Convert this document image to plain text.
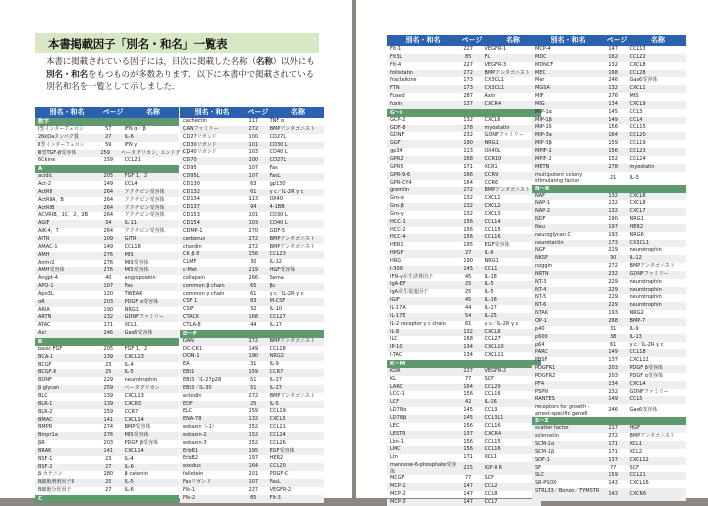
本書掲載因子「別名・和名」一覧表
本書に掲載されている因子には，目次に掲載した名称（名称）以外にも別名・和名をもつものが多数あります．以下に本書中で掲載されている別名和名を一覧として示しました．
別名・和名	ページ	名称
数字
Ⅰ型インターフェロン	57	IFN α／β
26kDaタンパク質	27	IL-6
Ⅱ型インターフェロン	59	IFN γ
Ⅲ型TGF-β受容体	259	ベータグリカン，エンドグリン
6Ckine	159	CCL21
A
acidic	205	FGF 1，2
Act-2	149	CCL4
ActRⅡ	264	アクチビン受容体
ActRⅡA，B	264	アクチビン受容体
ActRⅠB	264	アクチビン受容体
ACVRⅠB，1C，2，2B	264	アクチビン受容体
AGIF	34	IL-11
AIK-4，7	264	アクチビン受容体
AITR	109	GITR
AMAC-1	149	CCL18
AMH	276	MIS
Amhr2	276	MIS受容体
AMH受容体	276	MIS受容体
Angpt-4	40	angiopoietin
APO-1	107	Fas
Apo3L	120	TWEAK
αR	203	PDGF α受容体
ARIA	190	NRG1
ARTN	232	GDNFファミリー
ATAC	171	XCL1
Axl	246	Gas6受容体
B
basic FGF	205	FGF 1，2
BCA-1	139	CXCL13
BCGF	23	IL-4
BCGF-Ⅱ	25	IL-5
BDNF	229	neurotrophin
β glycan	259	ベータグリカン
BLC	139	CXCL13
BLR-1	139	CXCR5
BLR-2	159	CCR7
BMAC	141	CXCL14
BMPR	274	BMP受容体
Bmpr1a	276	MIS受容体
βR	203	PDGF β受容体
BRAK	141	CXCL14
BSF-1	23	IL-4
BSF-2	27	IL-6
β カテニン	280	β catenin
B細胞増殖因子Ⅱ	25	IL-5
B細胞分化因子	27	IL-6
C
別名・和名	ページ	名称
cachectin	117	TNF α
CANファミリー	272	BMPアンタゴニスト
CD27リガンド	100	CD27L
CD30リガンド	101	CD30 L
CD40リガンド	103	CD40 L
CD70	100	CD27L
CD95	107	Fas
CD95L	107	FasL
CD130	63	gp130
CD132	61	γ c／IL-2R γ c
CD134	113	OX40
CD137	94	4-1BB
CD153	101	CD30 L
CD154	103	CD40 L
CDMP-1	270	GDF-5
cerberus	272	BMPアンタゴニスト
chordin	272	BMPアンタゴニスト
CK β 8	156	CCL23
CLMF	30	IL-12
c-Met	219	HGF受容体
collapsin	266	Sema
common β chain	65	βc
common γ chain	61	γ c／IL-2R γ c
CSF 1	83	M-CSF
CSIF	32	IL-10
CTACK	168	CCL27
CTLA-8	44	IL-17
D～F
DAN	272	BMPアンタゴニスト
DC-CK1	149	CCL18
DON-1	190	NRG2
EA	31	IL-9
EBI1	159	CCR7
EBI3／IL-27p28	51	IL-27
EBI3／IL-30	51	IL-27
ectodin	272	BMPアンタゴニスト
EDF	25	IL-5
ELC	159	CCL19
ENA-78	132	CXCL5
eotaxin（-1）	152	CCL11
eotaxin-2	152	CCL24
eotaxin-3	152	CCL26
ErbB1	195	EGF受容体
ErbB2	197	HER2
exodus	164	CCL20
fallotein	201	PDGF-C
Fasリガンド	107	FasL
Flk-1	227	VEGFR-2
Flk-2	85	Flt-3
別名・和名	ページ	名称
Flt-1	227	VEGFR-1
Flt3L	85	FL
Flt-4	227	VEGFR-3
follistatin	272	BMPアンタゴニスト
fractalkine	173	CX3CL1
FTN	173	CX3CL1
Fused	287	Axin
fusin	137	CXCR4
G～I
GCP-2	132	CXCL6
GDF-8	278	myostatin
GDNF	232	GDNFファミリー
GGF	190	NRG1
gp34	113	OX40L
GPR2	168	CCR10
GPR5	171	XCR1
GPR-9-6	166	CCR9
GPR-CY4	164	CCR6
gremlin	272	BMPアンタゴニスト
Gro-α	132	CXCL1
Gro-β	132	CXCL2
Gro-γ	132	CXCL3
HCC-1	156	CCL14
HCC-2	156	CCL15
HCC-4	156	CCL16
HER1	195	EGF受容体
HPGF	27	IL-6
HRG	190	NRG1
I-309	145	CCL1
IFN-γ産生誘導因子	45	IL-18
IgA-EF	25	IL-5
IgA産生促進因子	25	IL-5
IGIF	45	IL-18
IL-17A	44	IL-17
IL-17E	54	IL-25
IL-2 receptor γ c chain	61	γ c／IL-2R γ c
IL-8	132	CXCL8
ILC	168	CCL27
IP-10	134	CXCL10
I-TAC	134	CXCL11
K～M
KDR	227	VEGFR-2
KL	77	SCF
LARC	164	CCL20
LCC-1	156	CCL16
LCF	42	IL-16
LD78α	145	CCL3
LD78β	145	CCL3L1
LEC	156	CCL16
LESTR	137	CXCR4
Lkn-1	156	CCL15
LMC	156	CCL16
Ltn	171	XCL1
mannose-6-phosphate受容体
215	IGF-Ⅱ R
MCGF	77	SCF
MCP-1	147	CCL2
MCP-2	147	CCL8
MCP-3	147	CCL7
別名・和名	ページ	名称
MCP-4	147	CCL13
MDC	162	CCL22
MDNCF	132	CXCL8
MEC	168	CCL28
Mer	246	Gas6受容体
MGSA	132	CXCL1
MIF	276	MIS
MIG	134	CXCL9
MIP-1α	145	CCL3
MIP-1β	149	CCL4
MIP-1δ	156	CCL15
MIP-3α	164	CCL20
MIP-3β	159	CCL19
MPIF-1	156	CCL23
MPIF-2	152	CCL24
METN	278	myostatin
multipotent colony stimulating factor
21	IL-3
N～R
NAF	132	CXCL8
NAP-1	132	CXCL8
NAP-2	132	CXCL7
NDF	190	NRG1
Neu	197	HER2
neuroglycan C	193	NRG6
neurotactin	173	CX3CL1
NGF	229	neurotrophin
NKSF	30	IL-12
noggin	272	BMPアンタゴニスト
NRTN	232	GDNFファミリー
NT-3	229	neurotrophin
NT-4	229	neurotrophin
NT-5	229	neurotrophin
NT-6	229	neurotrophin
NTAK	193	NRG2
OP-1	268	BMP-7
p40	31	IL-9
p600	38	IL-13
p64	61	γ c／IL-2R γ c
PARC	149	CCL18
PBSF	137	CXCL12
PDGFR1	203	PDGF β受容体
PDGFR2	203	PDGF α受容体
PF4	134	CXCL4
PSPN	232	GDNFファミリー
RANTES	149	CCL5
receptors for growth -arrest-specific gene6
246	Gas6受容体
S～Z
scatter factor	217	HGF
sclerostin	272	BMPアンタゴニスト
SCM-1α	171	XCL1
SCM-1β	171	XCL2
SDF-1	137	CXCL12
SF	77	SCF
SLC	159	CCL21
SR-PSOX	143	CXCL16
STRL33／Bonzo／TYMSTR	143	CXCR6
